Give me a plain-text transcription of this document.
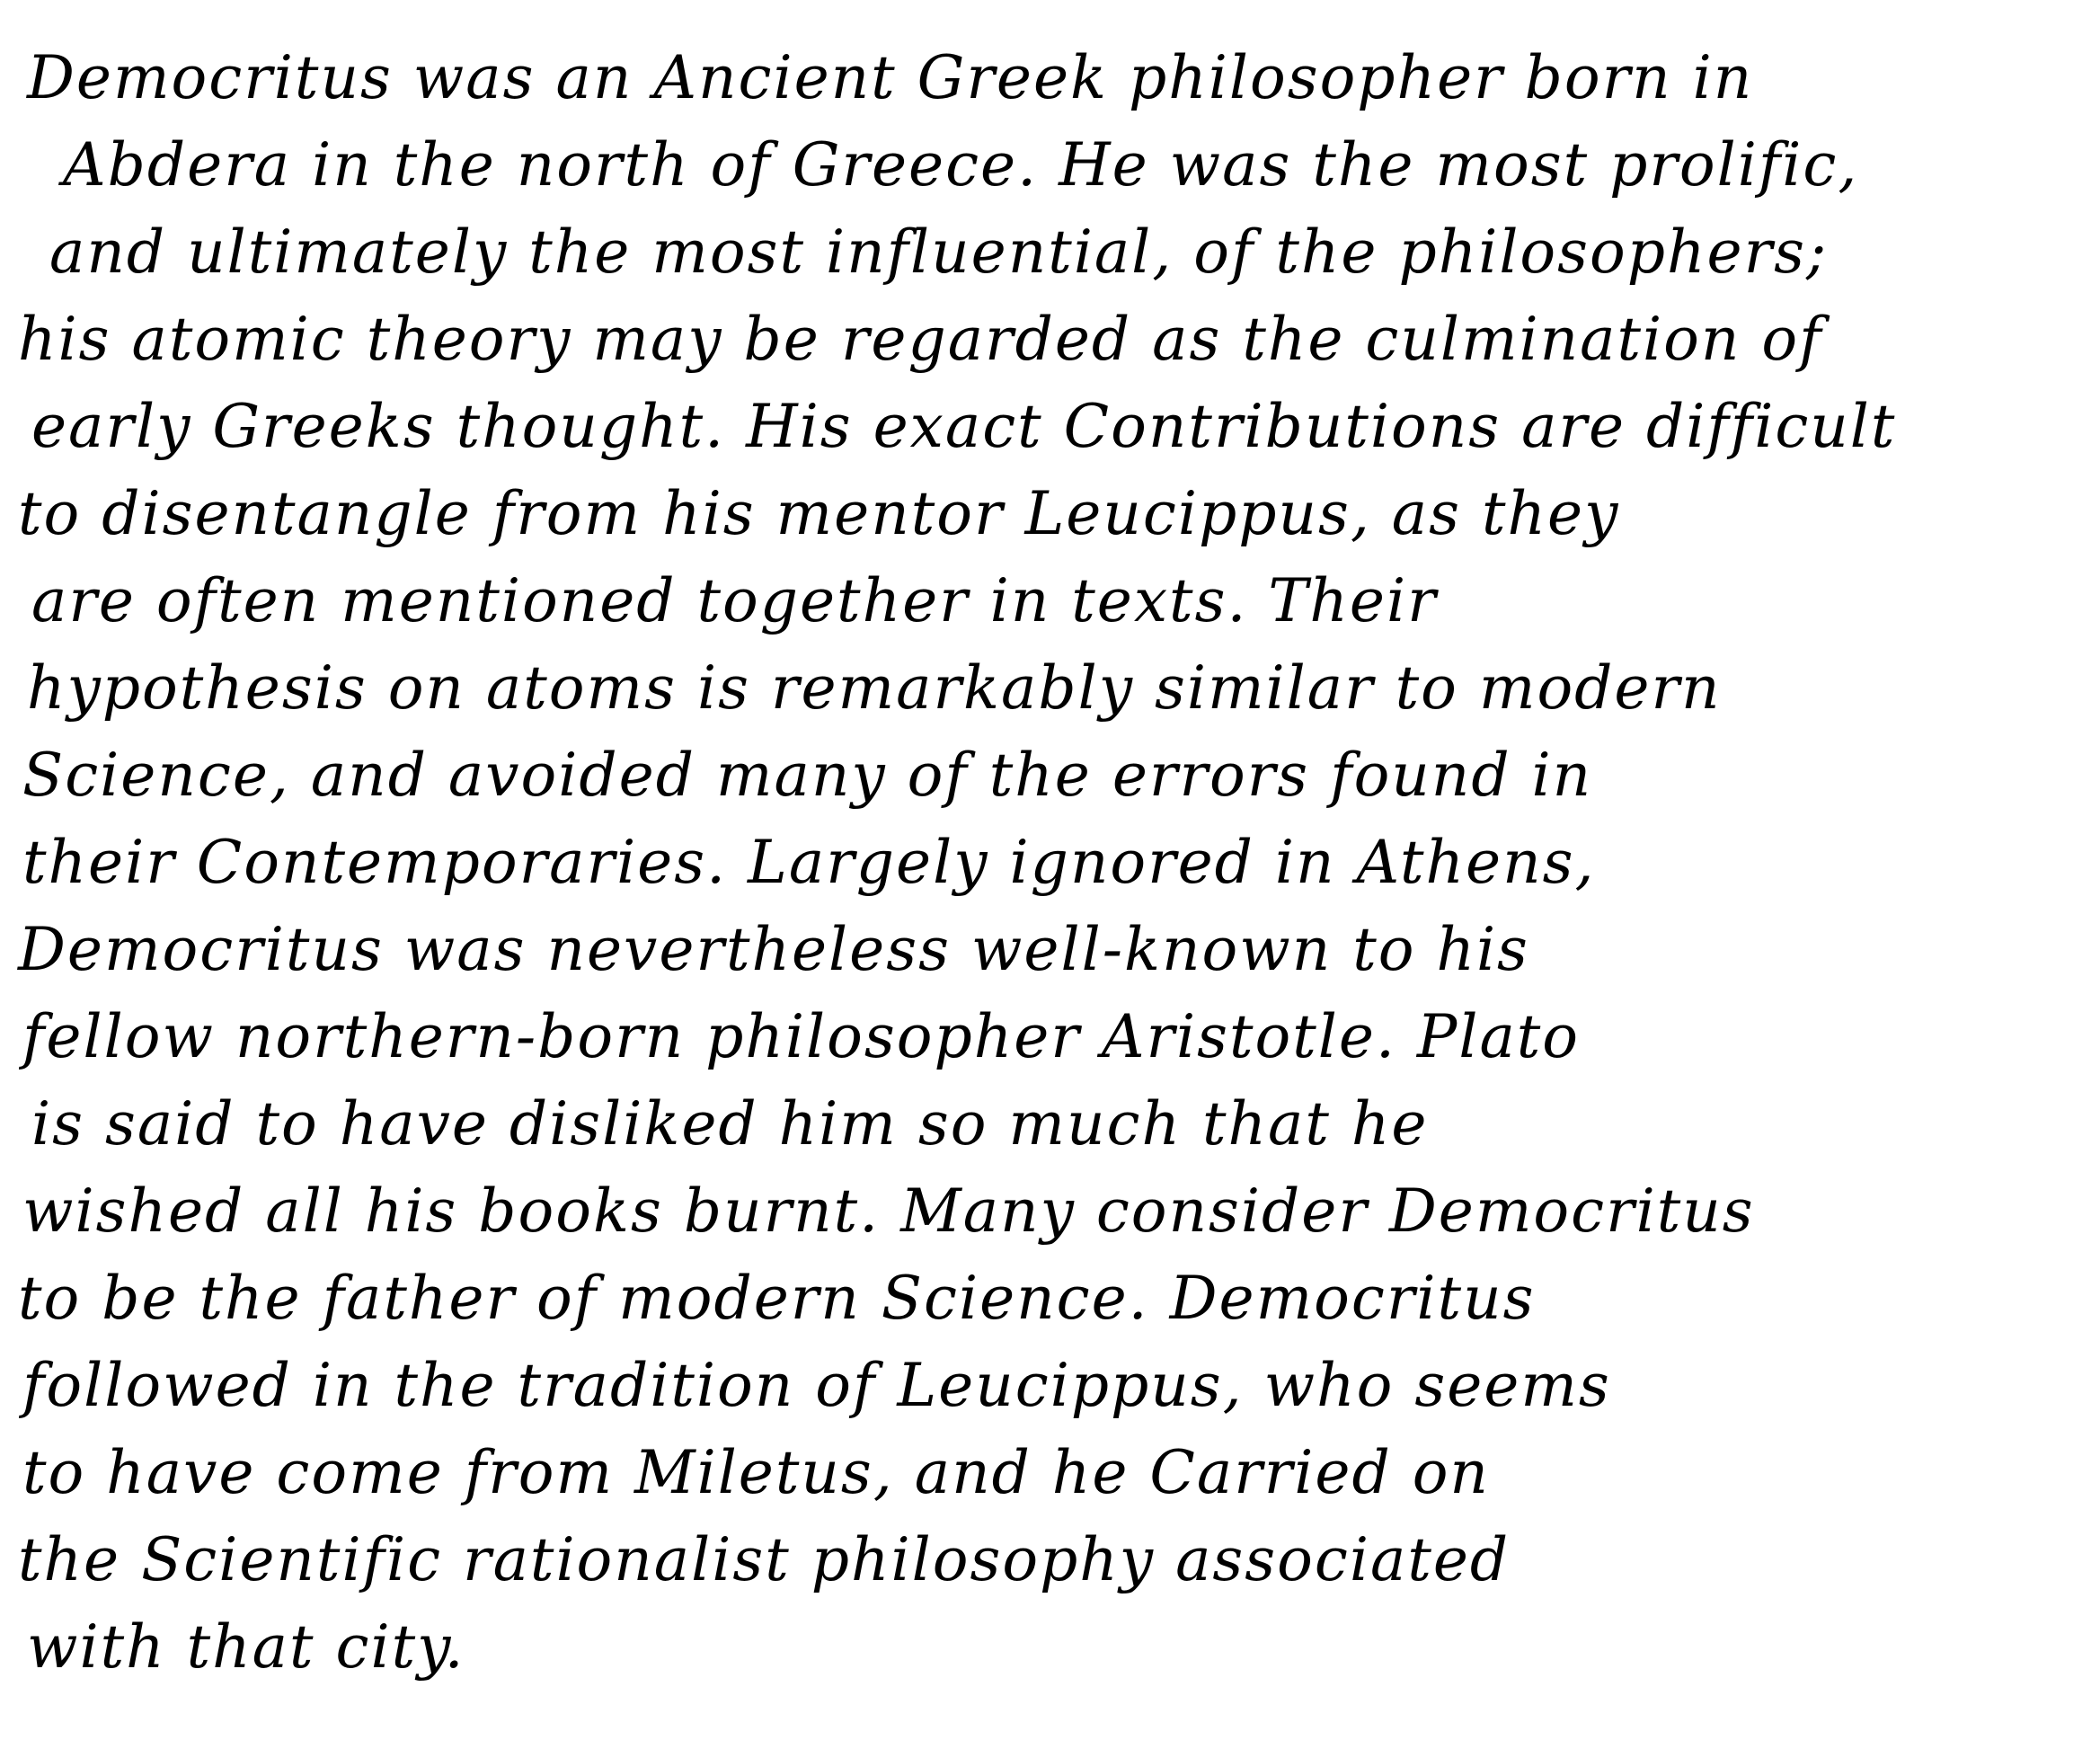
Democritus was an Ancient Greek philosopher born in
Abdera in the north of Greece. He was the most prolific,
and ultimately the most influential, of the philosophers;
his atomic theory may be regarded as the culmination of
early Greeks thought. His exact Contributions are difficult
to disentangle from his mentor Leucippus, as they
are often mentioned together in texts. Their
hypothesis on atoms is remarkably similar to modern
Science, and avoided many of the errors found in
their Contemporaries. Largely ignored in Athens,
Democritus was nevertheless well-known to his
fellow northern-born philosopher Aristotle. Plato
is said to have disliked him so much that he
wished all his books burnt. Many consider Democritus
to be the father of modern Science. Democritus
followed in the tradition of Leucippus, who seems
to have come from Miletus, and he Carried on
the Scientific rationalist philosophy associated
with that city.
